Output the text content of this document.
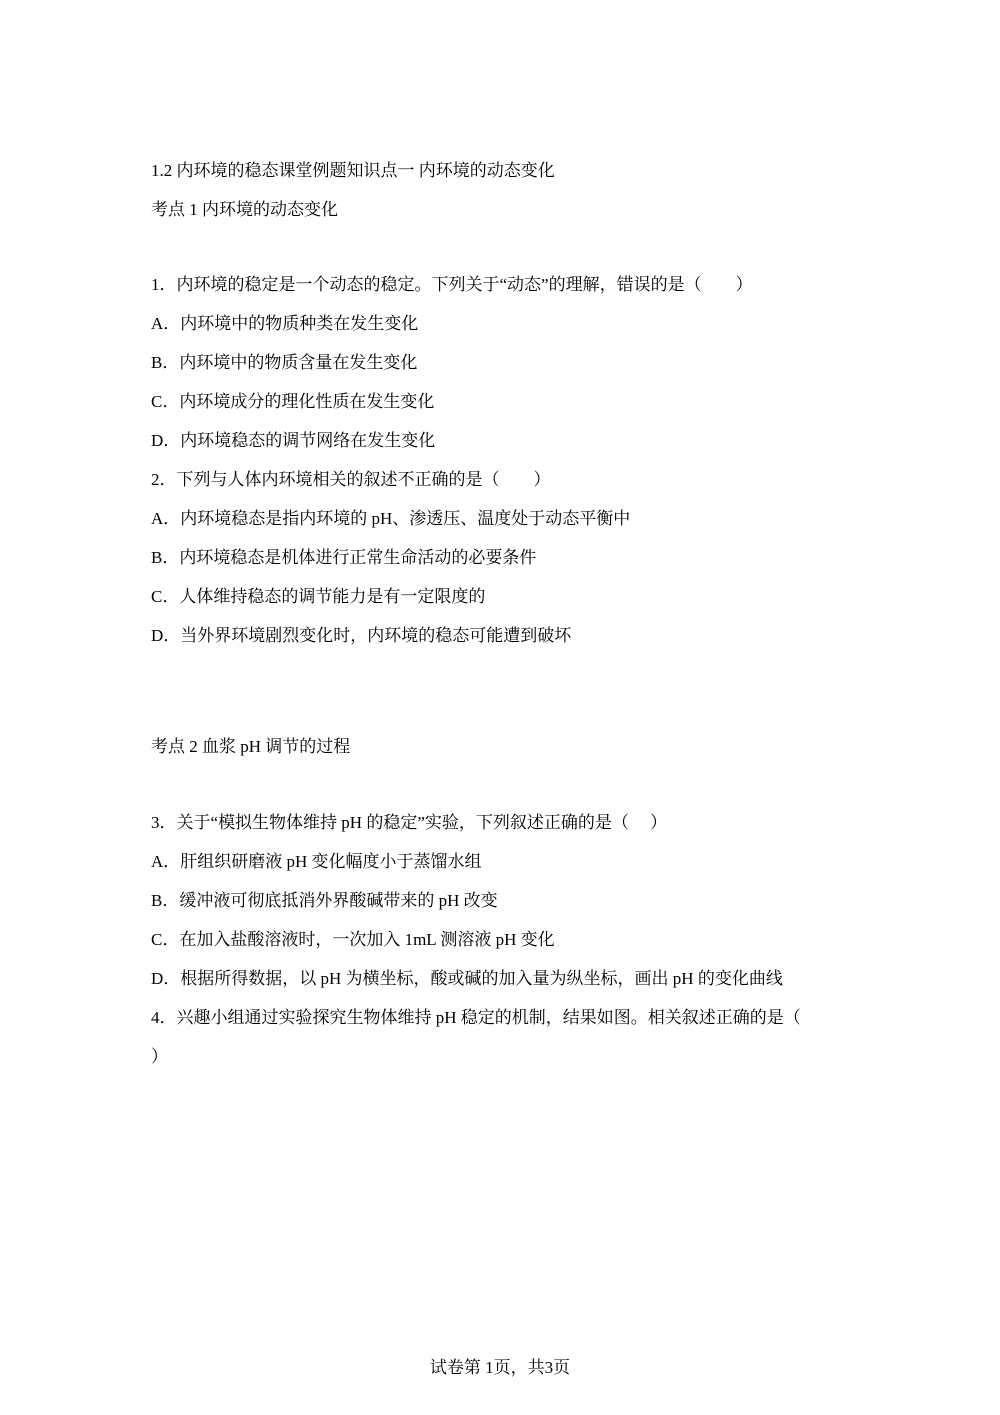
1.2 内环境的稳态课堂例题知识点一 内环境的动态变化
考点 1 内环境的动态变化
1．内环境的稳定是一个动态的稳定。下列关于“动态”的理解，错误的是（　　）
A．内环境中的物质种类在发生变化
B．内环境中的物质含量在发生变化
C．内环境成分的理化性质在发生变化
D．内环境稳态的调节网络在发生变化
2．下列与人体内环境相关的叙述不正确的是（　　）
A．内环境稳态是指内环境的 pH、渗透压、温度处于动态平衡中
B．内环境稳态是机体进行正常生命活动的必要条件
C．人体维持稳态的调节能力是有一定限度的
D．当外界环境剧烈变化时，内环境的稳态可能遭到破坏
考点 2 血浆 pH 调节的过程
3．关于“模拟生物体维持 pH 的稳定”实验，下列叙述正确的是（　 ）
A．肝组织研磨液 pH 变化幅度小于蒸馏水组
B．缓冲液可彻底抵消外界酸碱带来的 pH 改变
C．在加入盐酸溶液时，一次加入 1mL 测溶液 pH 变化
D．根据所得数据，以 pH 为横坐标，酸或碱的加入量为纵坐标，画出 pH 的变化曲线
4．兴趣小组通过实验探究生物体维持 pH 稳定的机制，结果如图。相关叙述正确的是（
）
试卷第 1页，共3页
